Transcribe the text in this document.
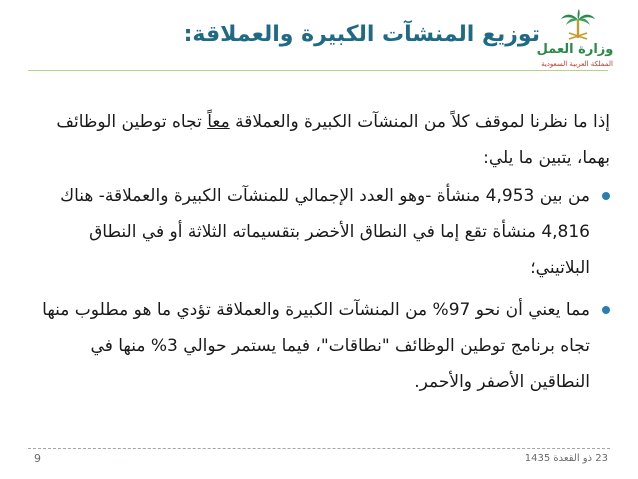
وزارة العمل
المملكة العربية السعودية
توزيع المنشآت الكبيرة والعملاقة:

إذا ما نظرنا لموقف كلاً من المنشآت الكبيرة والعملاقة معاً تجاه توطين الوظائف بهما، يتبين ما يلي:

من بين 4,953 منشأة -وهو العدد الإجمالي للمنشآت الكبيرة والعملاقة- هناك 4,816 منشأة تقع إما في النطاق الأخضر بتقسيماته الثلاثة أو في النطاق البلاتيني؛
مما يعني أن نحو 97% من المنشآت الكبيرة والعملاقة تؤدي ما هو مطلوب منها تجاه برنامج توطين الوظائف "نطاقات"، فيما يستمر حوالي 3% منها في النطاقين الأصفر والأحمر.
23 ذو القعدة 1435
9
